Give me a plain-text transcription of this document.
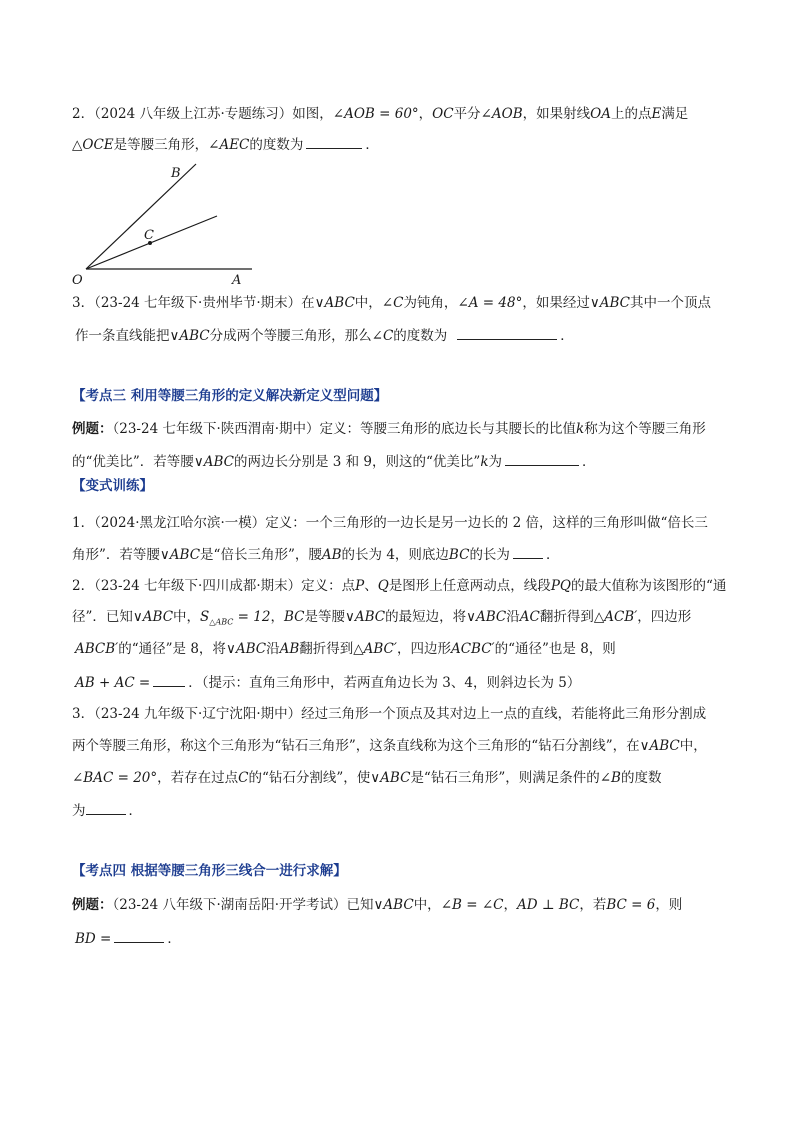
2．（2024 八年级上江苏·专题练习）如图，∠AOB = 60°，OC平分∠AOB，如果射线OA上的点E满足
△OCE是等腰三角形，∠AEC的度数为	．
B
C
O	A
3．（23-24 七年级下·贵州毕节·期末）在∨ABC中，∠C为钝角，∠A = 48°，如果经过∨ABC其中一个顶点
作一条直线能把∨ABC分成两个等腰三角形，那么∠C的度数为	．
【考点三 利用等腰三角形的定义解决新定义型问题】
例题：（23-24 七年级下·陕西渭南·期中）定义：等腰三角形的底边长与其腰长的比值k称为这个等腰三角形
的“优美比”．若等腰∨ABC的两边长分别是 3 和 9，则这的“优美比”k为	．
【变式训练】
1．（2024·黑龙江哈尔滨·一模）定义：一个三角形的一边长是另一边长的 2 倍，这样的三角形叫做“倍长三
角形”．若等腰∨ABC是“倍长三角形”，腰AB的长为 4，则底边BC的长为	．
2．（23-24 七年级下·四川成都·期末）定义：点P、Q是图形上任意两动点，线段PQ的最大值称为该图形的“通
径”．已知∨ABC中，$S_{\triangle ABC} = 12$，BC是等腰∨ABC的最短边，将∨ABC沿AC翻折得到△ACB′，四边形
ABCB′的“通径”是 8，将∨ABC沿AB翻折得到△ABC′，四边形ACBC′的“通径”也是 8，则
AB + AC =	．（提示：直角三角形中，若两直角边长为 3、4，则斜边长为 5）
3．（23-24 九年级下·辽宁沈阳·期中）经过三角形一个顶点及其对边上一点的直线，若能将此三角形分割成
两个等腰三角形，称这个三角形为“钻石三角形”，这条直线称为这个三角形的“钻石分割线”，在∨ABC中，
∠BAC = 20°，若存在过点C的“钻石分割线”，使∨ABC是“钻石三角形”，则满足条件的∠B的度数
为	．
【考点四 根据等腰三角形三线合一进行求解】
例题：（23-24 八年级下·湖南岳阳·开学考试）已知∨ABC中，∠B = ∠C，AD ⊥ BC，若BC = 6，则
BD =	．
